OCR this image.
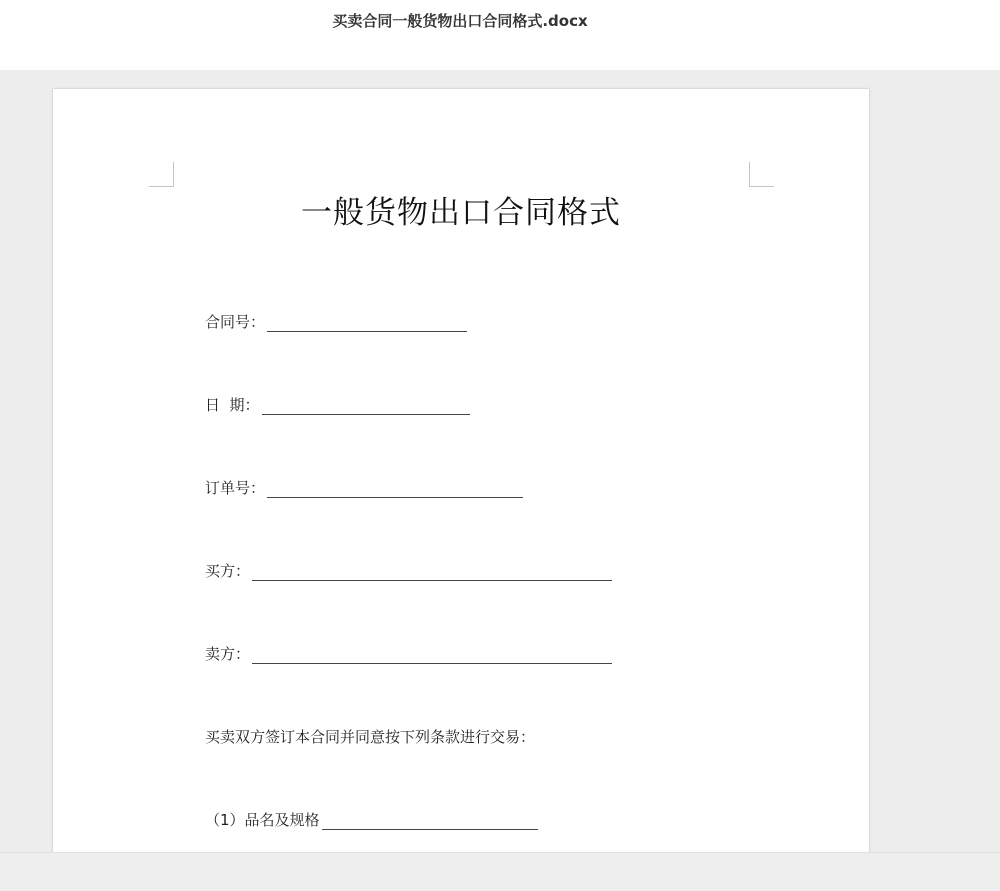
买卖合同一般货物出口合同格式.docx
一般货物出口合同格式
合同号：
日  期：
订单号：
买方：
卖方：
买卖双方签订本合同并同意按下列条款进行交易：
（1）品名及规格
